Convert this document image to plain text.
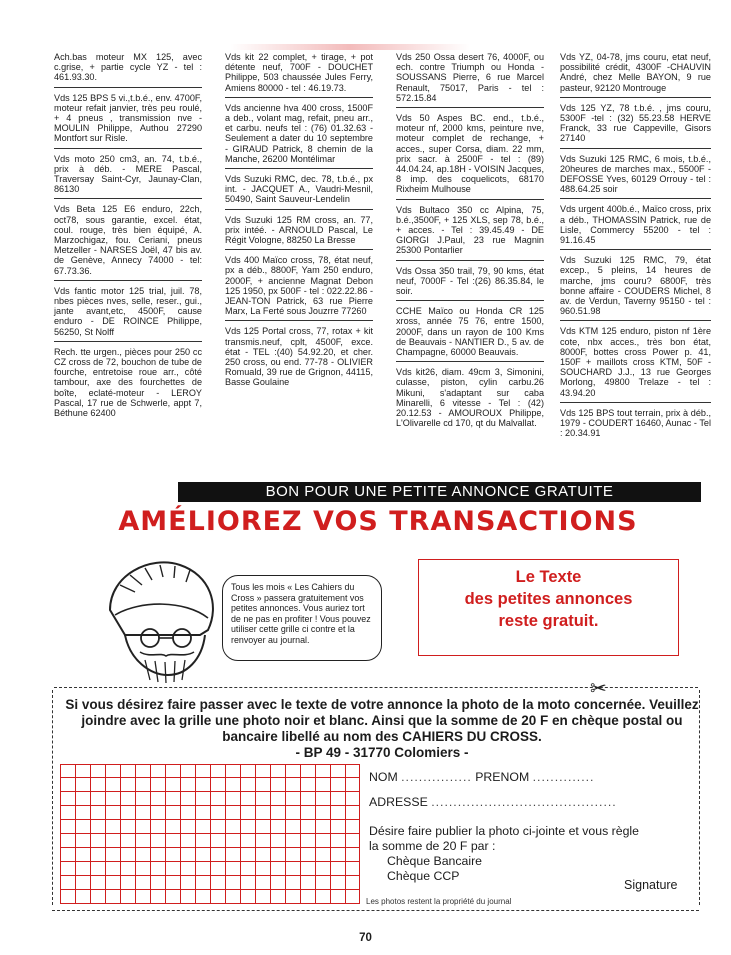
Ach.bas moteur MX 125, avec c.grise, + partie cycle YZ - tel : 461.93.30.
Vds 125 BPS 5 vi.,t.b.é., env. 4700F, moteur refait janvier, très peu roulé, + 4 pneus , transmission nve - MOULIN Philippe, Authou 27290 Montfort sur Risle.
Vds moto 250 cm3, an. 74, t.b.é., prix à déb. - MERE Pascal, Traversay Saint-Cyr, Jaunay-Clan, 86130
Vds Beta 125 E6 enduro, 22ch, oct78, sous garantie, excel. état, coul. rouge, très bien équipé, A. Marzochigaz, fou. Ceriani, pneus Metzeller - NARSES Joël, 47 bis av. de Genève, Annecy 74000 - tel: 67.73.36.
Vds fantic motor 125 trial, juil. 78, nbes pièces nves, selle, reser., gui., jante avant,etc, 4500F, cause enduro - DE ROINCE Philippe, 56250, St Nolff
Rech. tte urgen., pièces pour 250 cc CZ cross de 72, bouchon de tube de fourche, entretoise roue arr., côté tambour, axe des fourchettes de boîte, eclaté-moteur - LEROY Pascal, 17 rue de Schwerle, appt 7, Béthune 62400
Vds kit 22 complet, + tirage, + pot détente neuf, 700F - DOUCHET Philippe, 503 chaussée Jules Ferry, Amiens 80000 - tel : 46.19.73.
Vds ancienne hva 400 cross, 1500F a deb., volant mag, refait, pneu arr., et carbu. neufs tel : (76) 01.32.63 - Seulement a dater du 10 septembre - GIRAUD Patrick, 8 chemin de la Manche, 26200 Montélimar
Vds Suzuki RMC, dec. 78, t.b.é., px int. - JACQUET A., Vaudri-Mesnil, 50490, Saint Sauveur-Lendelin
Vds Suzuki 125 RM cross, an. 77, prix intéé. - ARNOULD Pascal, Le Régit Vologne, 88250 La Bresse
Vds 400 Maïco cross, 78, état neuf, px a déb., 8800F, Yam 250 enduro, 2000F, + ancienne Magnat Debon 125 1950, px 500F - tel : 022.22.86 -JEAN-TON Patrick, 63 rue Pierre Marx, La Ferté sous Jouzrre 77260
Vds 125 Portal cross, 77, rotax + kit transmis.neuf, cplt, 4500F, exce. état - TEL :(40) 54.92.20, et cher. 250 cross, ou end. 77-78 - OLIVIER Romuald, 39 rue de Grignon, 44115, Basse Goulaine
Vds 250 Ossa desert 76, 4000F, ou ech. contre Triumph ou Honda - SOUSSANS Pierre, 6 rue Marcel Renault, 75017, Paris - tel : 572.15.84
Vds 50 Aspes BC. end., t.b.é., moteur nf, 2000 kms, peinture nve, moteur complet de rechange, + acces., super Corsa, diam. 22 mm, prix sacr. à 2500F - tel : (89) 44.04.24, ap.18H - VOISIN Jacques, 8 imp. des coquelicots, 68170 Rixheim Mulhouse
Vds Bultaco 350 cc Alpina, 75, b.é.,3500F, + 125 XLS, sep 78, b.é., + acces. - Tel : 39.45.49 - DE GIORGI J.Paul, 23 rue Magnin 25300 Pontarlier
Vds Ossa 350 trail, 79, 90 kms, état neuf, 7000F - Tel :(26) 86.35.84, le soir.
CCHE Maïco ou Honda CR 125 xross, année 75 76, entre 1500, 2000F, dans un rayon de 100 Kms de Beauvais - NANTIER D., 5 av. de Champagne, 60000 Beauvais.
Vds kit26, diam. 49cm 3, Simonini, culasse, piston, cylin carbu.26 Mikuni, s'adaptant sur caba Minarelli, 6 vitesse - Tel : (42) 20.12.53 - AMOUROUX Philippe, L'Olivarelle cd 170, qt du Malvallat.
Vds YZ, 04-78, jms couru, etat neuf, possibilité crédit, 4300F -CHAUVIN André, chez Melle BAYON, 9 rue pasteur, 92120 Montrouge
Vds 125 YZ, 78 t.b.é. , jms couru, 5300F -tel : (32) 55.23.58 HERVE Franck, 33 rue Cappeville, Gisors 27140
Vds Suzuki 125 RMC, 6 mois, t.b.é., 20heures de marches max., 5500F -DEFOSSE Yves, 60129 Orrouy - tel : 488.64.25 soir
Vds urgent 400b.é., Maïco cross, prix a déb., THOMASSIN Patrick, rue de Lisle, Commercy 55200 - tel : 91.16.45
Vds Suzuki 125 RMC, 79, état excep., 5 pleins, 14 heures de marche, jms couru? 6800F, très bonne affaire - COUDERS Michel, 8 av. de Verdun, Taverny 95150 - tel : 960.51.98
Vds KTM 125 enduro, piston nf 1ère cote, nbx acces., très bon état, 8000F, bottes cross Power p. 41, 150F + maillots cross KTM, 50F - SOUCHARD J.J., 13 rue Georges Morlong, 49800 Trelaze - tel : 43.94.20
Vds 125 BPS tout terrain, prix à déb., 1979 - COUDERT 16460, Aunac - Tel : 20.34.91
BON POUR UNE PETITE ANNONCE GRATUITE
AMÉLIOREZ VOS TRANSACTIONS
Tous les mois « Les Cahiers du Cross » passera gratuitement vos petites annonces. Vous auriez tort de ne pas en profiter ! Vous pouvez utiliser cette grille ci contre et la renvoyer au journal.
Le Texte
des petites annonces
reste gratuit.
✂
Si vous désirez faire passer avec le texte de votre annonce la photo de la moto concernée. Veuillez joindre avec la grille une photo noir et blanc. Ainsi que la somme de 20 F en chèque postal ou bancaire libellé au nom des CAHIERS DU CROSS.
- BP 49 - 31770 Colomiers -
NOM ................ PRENOM ..............
ADRESSE ..........................................
Désire faire publier la photo ci-jointe et vous règle
la somme de 20 F par :
Chèque Bancaire
Chèque CCP
Signature
Les photos restent la propriété du journal
70
